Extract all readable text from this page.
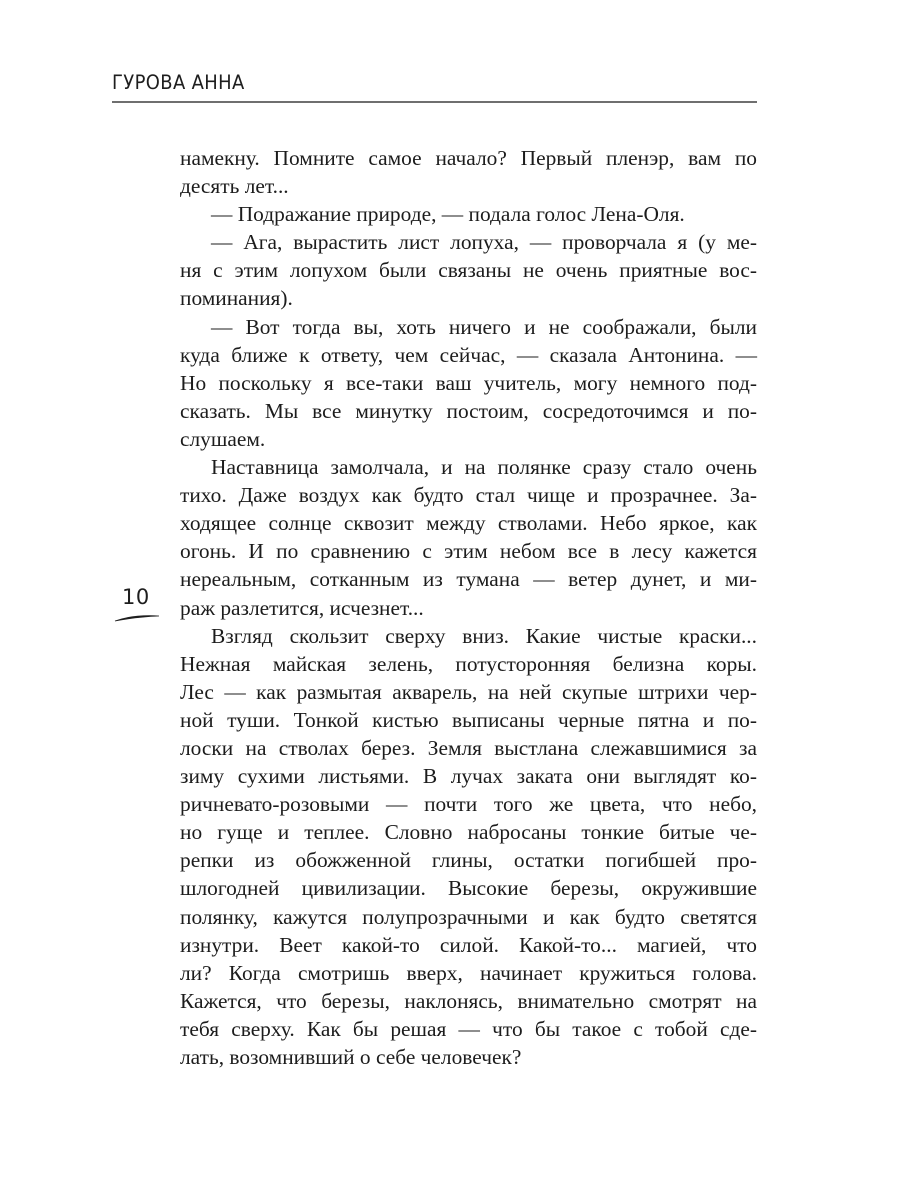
ГУРОВА АННА
10
намекну. Помните самое начало? Первый пленэр, вам по
десять лет...
— Подражание природе, — подала голос Лена-Оля.
— Ага, вырастить лист лопуха, — проворчала я (у ме-
ня с этим лопухом были связаны не очень приятные вос-
поминания).
— Вот тогда вы, хоть ничего и не соображали, были
куда ближе к ответу, чем сейчас, — сказала Антонина. —
Но поскольку я все-таки ваш учитель, могу немного под-
сказать. Мы все минутку постоим, сосредоточимся и по-
слушаем.
Наставница замолчала, и на полянке сразу стало очень
тихо. Даже воздух как будто стал чище и прозрачнее. За-
ходящее солнце сквозит между стволами. Небо яркое, как
огонь. И по сравнению с этим небом все в лесу кажется
нереальным, сотканным из тумана — ветер дунет, и ми-
раж разлетится, исчезнет...
Взгляд скользит сверху вниз. Какие чистые краски...
Нежная майская зелень, потусторонняя белизна коры.
Лес — как размытая акварель, на ней скупые штрихи чер-
ной туши. Тонкой кистью выписаны черные пятна и по-
лоски на стволах берез. Земля выстлана слежавшимися за
зиму сухими листьями. В лучах заката они выглядят ко-
ричневато-розовыми — почти того же цвета, что небо,
но гуще и теплее. Словно набросаны тонкие битые че-
репки из обожженной глины, остатки погибшей про-
шлогодней цивилизации. Высокие березы, окружившие
полянку, кажутся полупрозрачными и как будто светятся
изнутри. Веет какой-то силой. Какой-то... магией, что
ли? Когда смотришь вверх, начинает кружиться голова.
Кажется, что березы, наклонясь, внимательно смотрят на
тебя сверху. Как бы решая — что бы такое с тобой сде-
лать, возомнивший о себе человечек?
